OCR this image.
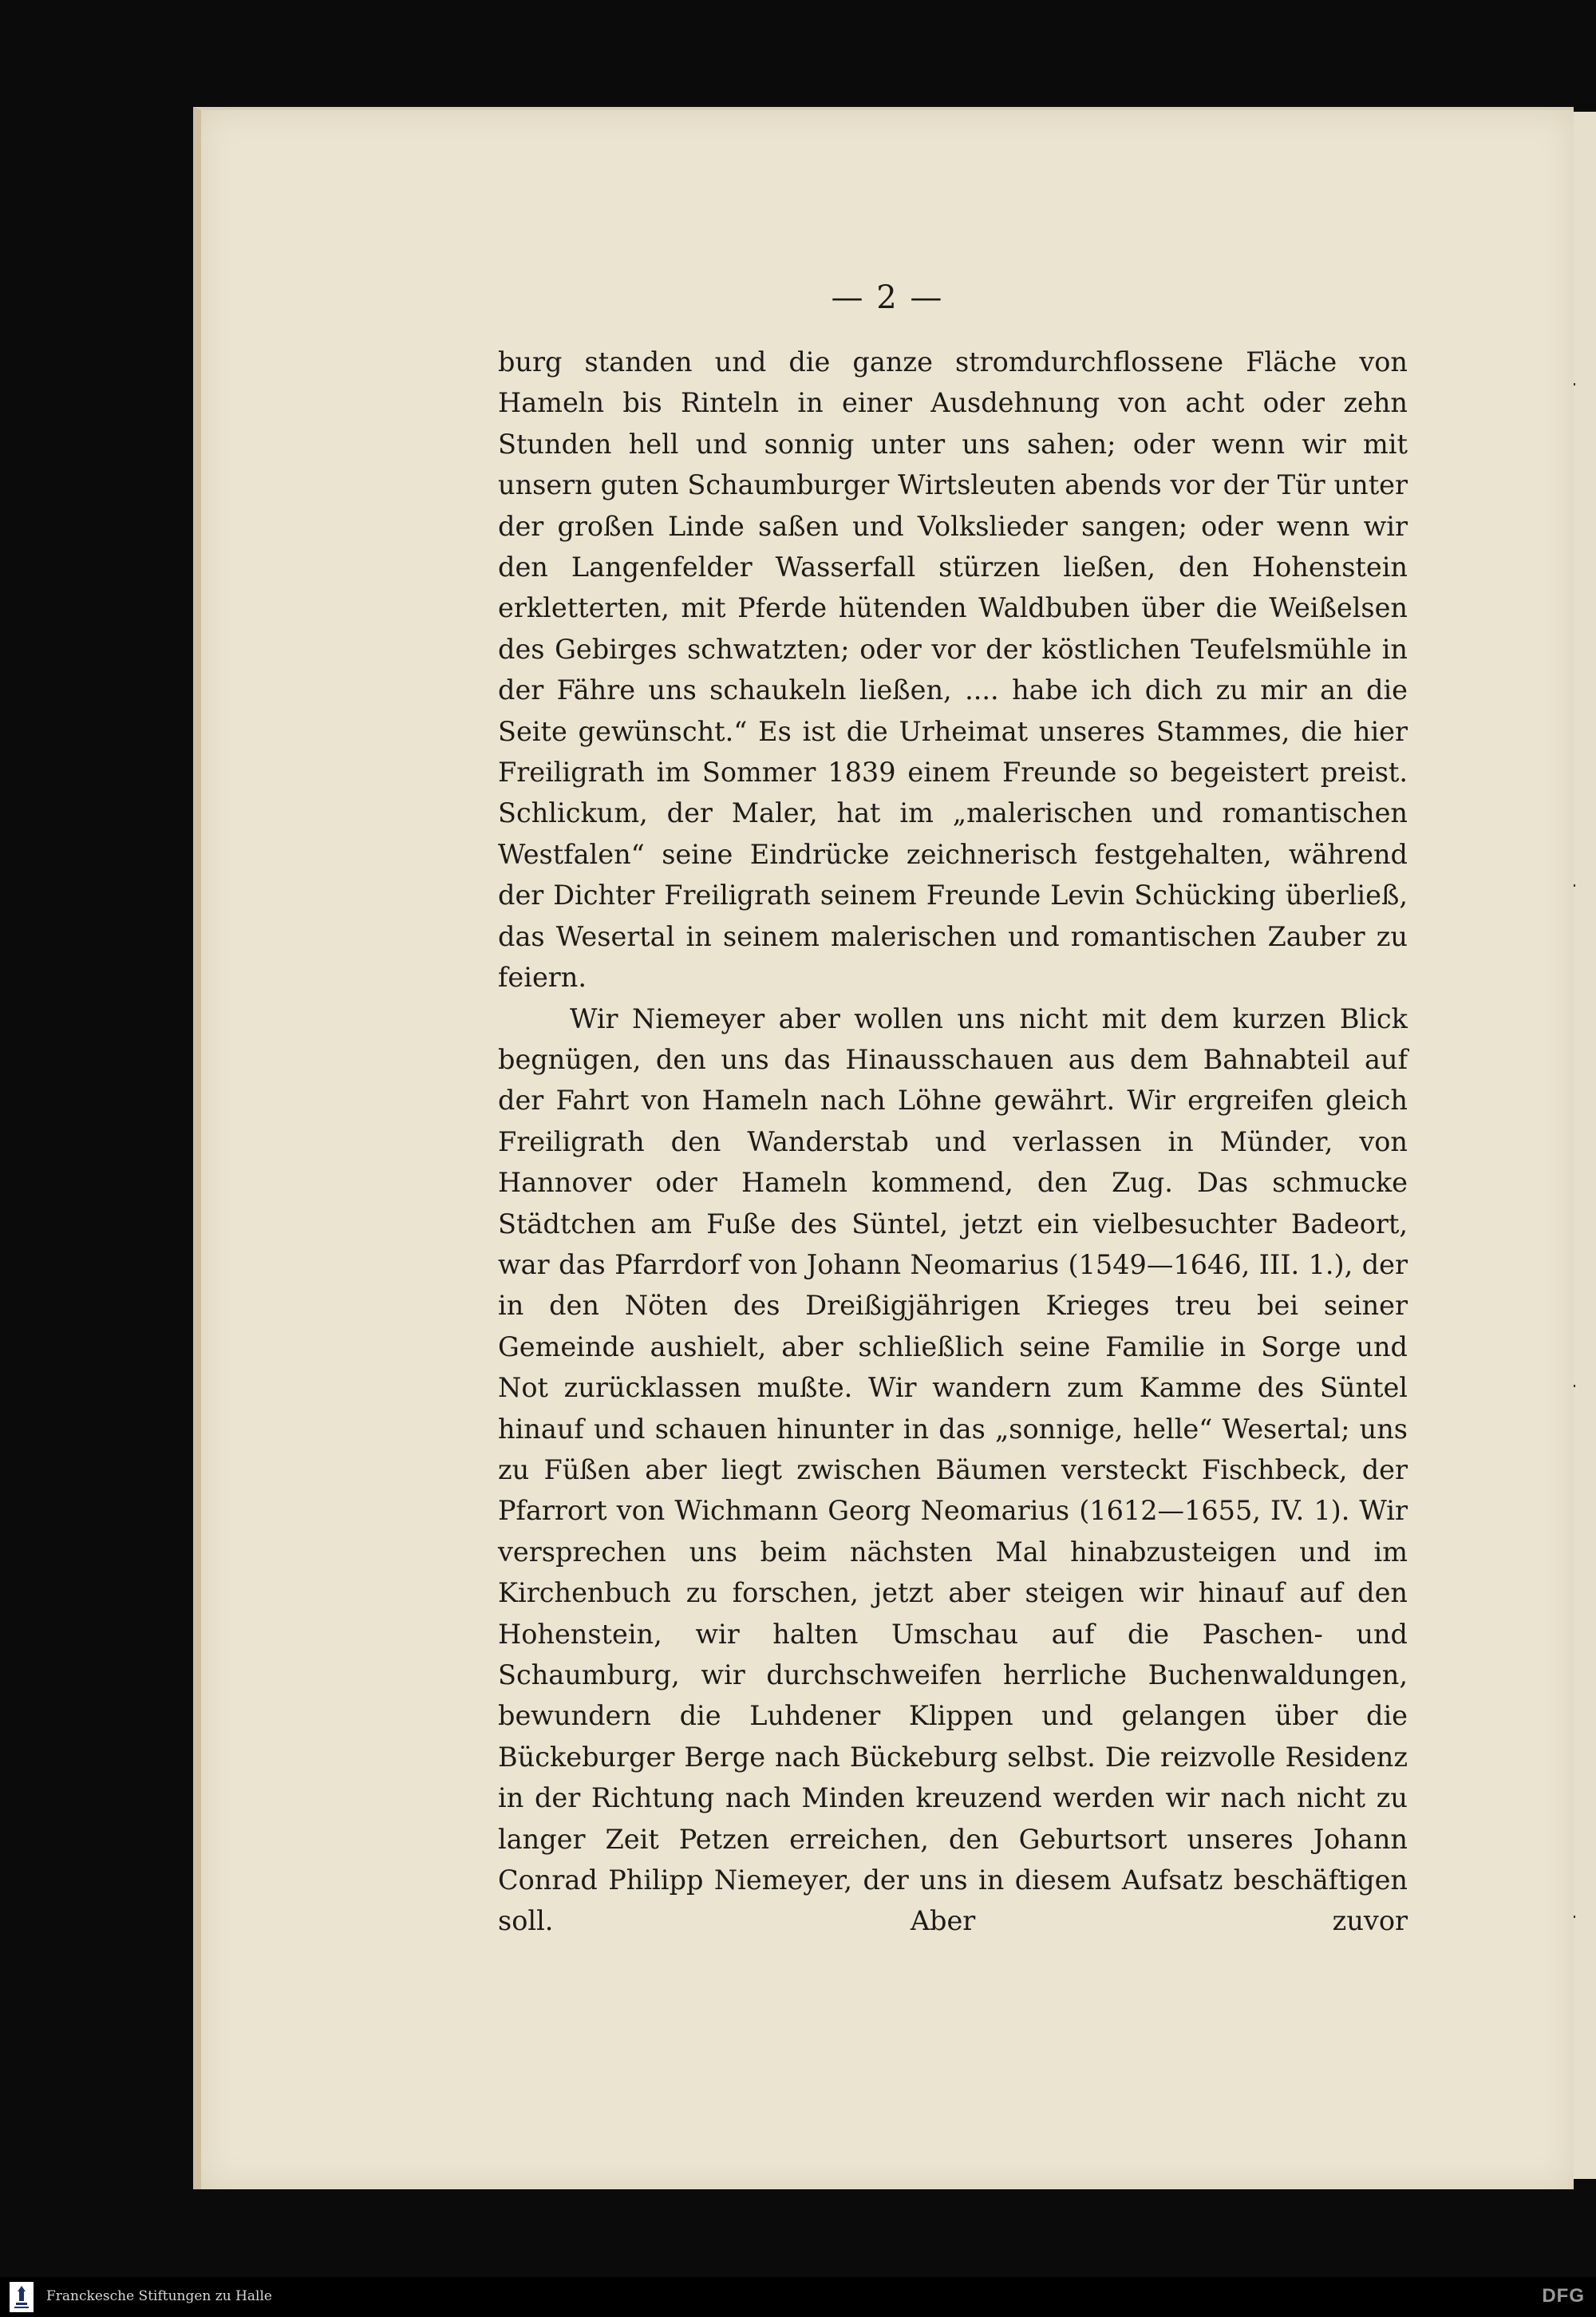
— 2 —

burg standen und die ganze stromdurchflossene Fläche von Hameln bis Rinteln in einer Ausdehnung von acht oder zehn Stunden hell und sonnig unter uns sahen; oder wenn wir mit unsern guten Schaumburger Wirtsleuten abends vor der Tür unter der großen Linde saßen und Volkslieder sangen; oder wenn wir den Langenfelder Wasserfall stürzen ließen, den Hohenstein erkletterten, mit Pferde hütenden Waldbuben über die Weißelsen des Gebirges schwatzten; oder vor der köstlichen Teufelsmühle in der Fähre uns schaukeln ließen, .... habe ich dich zu mir an die Seite gewünscht.“ Es ist die Urheimat unseres Stammes, die hier Freiligrath im Sommer 1839 einem Freunde so begeistert preist. Schlickum, der Maler, hat im „malerischen und romantischen Westfalen“ seine Eindrücke zeichnerisch festgehalten, während der Dichter Freiligrath seinem Freunde Levin Schücking überließ, das Wesertal in seinem malerischen und romantischen Zauber zu feiern.

Wir Niemeyer aber wollen uns nicht mit dem kurzen Blick begnügen, den uns das Hinausschauen aus dem Bahnabteil auf der Fahrt von Hameln nach Löhne gewährt. Wir ergreifen gleich Freiligrath den Wanderstab und verlassen in Münder, von Hannover oder Hameln kommend, den Zug. Das schmucke Städtchen am Fuße des Süntel, jetzt ein vielbesuchter Badeort, war das Pfarrdorf von Johann Neomarius (1549—1646, III. 1.), der in den Nöten des Dreißigjährigen Krieges treu bei seiner Gemeinde aushielt, aber schließlich seine Familie in Sorge und Not zurücklassen mußte. Wir wandern zum Kamme des Süntel hinauf und schauen hinunter in das „sonnige, helle“ Wesertal; uns zu Füßen aber liegt zwischen Bäumen versteckt Fischbeck, der Pfarrort von Wichmann Georg Neomarius (1612—1655, IV. 1). Wir versprechen uns beim nächsten Mal hinabzusteigen und im Kirchenbuch zu forschen, jetzt aber steigen wir hinauf auf den Hohenstein, wir halten Umschau auf die Paschen- und Schaumburg, wir durchschweifen herrliche Buchenwaldungen, bewundern die Luhdener Klippen und gelangen über die Bückeburger Berge nach Bückeburg selbst. Die reizvolle Residenz in der Richtung nach Minden kreuzend werden wir nach nicht zu langer Zeit Petzen erreichen, den Geburtsort unseres Johann Conrad Philipp Niemeyer, der uns in diesem Aufsatz beschäftigen soll. Aber zuvor

Franckesche Stiftungen zu Halle	DFG
